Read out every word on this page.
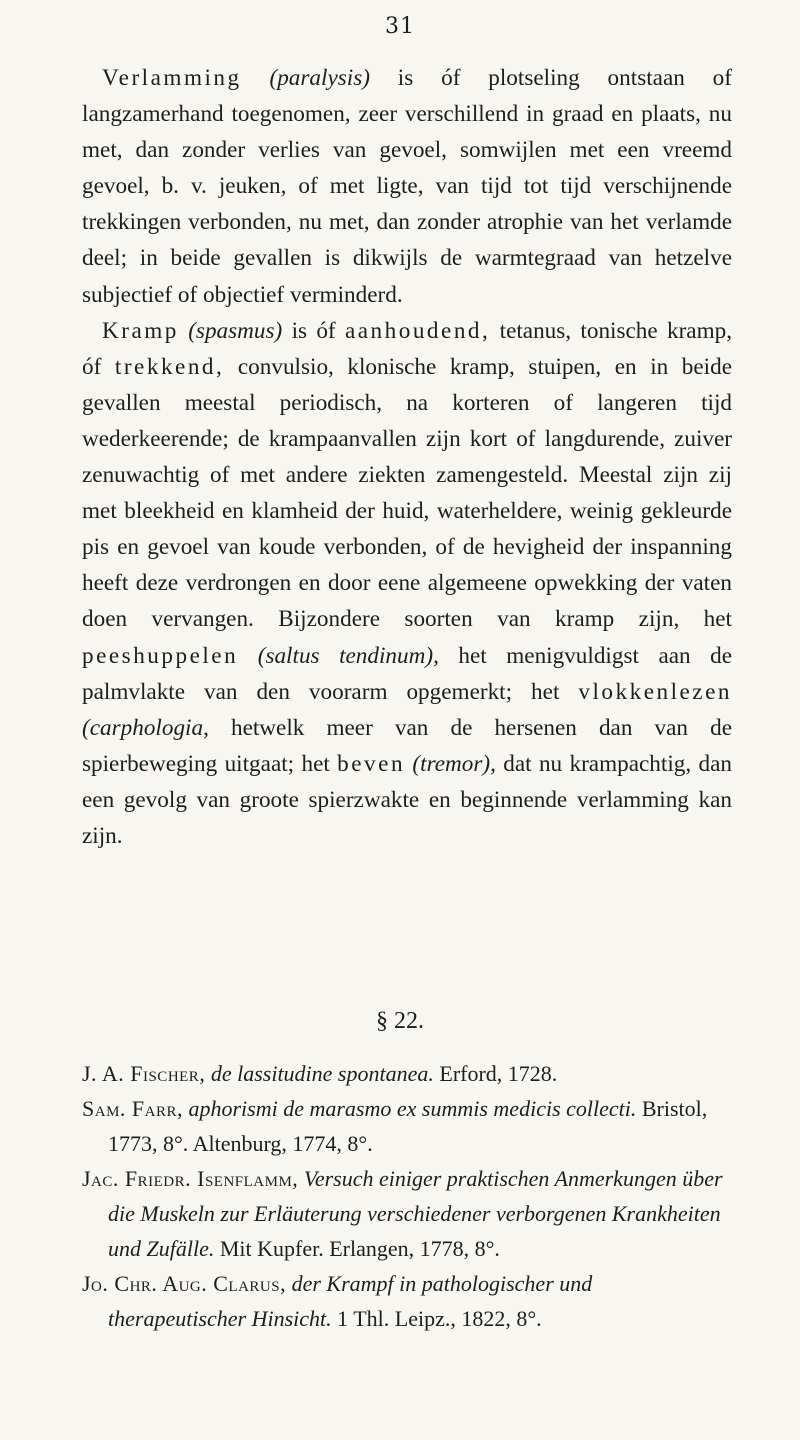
31

Verlamming (paralysis) is óf plotseling ontstaan of langzamerhand toegenomen, zeer verschillend in graad en plaats, nu met, dan zonder verlies van gevoel, somwijlen met een vreemd gevoel, b. v. jeuken, of met ligte, van tijd tot tijd verschijnende trekkingen verbonden, nu met, dan zonder atrophie van het verlamde deel; in beide gevallen is dikwijls de warmtegraad van hetzelve subjectief of objectief verminderd.

Kramp (spasmus) is óf aanhoudend, tetanus, tonische kramp, óf trekkend, convulsio, klonische kramp, stuipen, en in beide gevallen meestal periodisch, na korteren of langeren tijd wederkeerende; de krampaanvallen zijn kort of langdurende, zuiver zenuwachtig of met andere ziekten zamengesteld. Meestal zijn zij met bleekheid en klamheid der huid, waterheldere, weinig gekleurde pis en gevoel van koude verbonden, of de hevigheid der inspanning heeft deze verdrongen en door eene algemeene opwekking der vaten doen vervangen. Bijzondere soorten van kramp zijn, het peeshuppelen (saltus tendinum), het menigvuldigst aan de palmvlakte van den voorarm opgemerkt; het vlokkenlezen (carphologia, hetwelk meer van de hersenen dan van de spierbeweging uitgaat; het beven (tremor), dat nu krampachtig, dan een gevolg van groote spierzwakte en beginnende verlamming kan zijn.

§ 22.
J. A. Fischer, de lassitudine spontanea. Erford, 1728.
Sam. Farr, aphorismi de marasmo ex summis medicis collecti. Bristol, 1773, 8°. Altenburg, 1774, 8°.
Jac. Friedr. Isenflamm, Versuch einiger praktischen Anmerkungen über die Muskeln zur Erläuterung verschiedener verborgenen Krankheiten und Zufälle. Mit Kupfer. Erlangen, 1778, 8°.
Jo. Chr. Aug. Clarus, der Krampf in pathologischer und therapeutischer Hinsicht. 1 Thl. Leipz., 1822, 8°.
